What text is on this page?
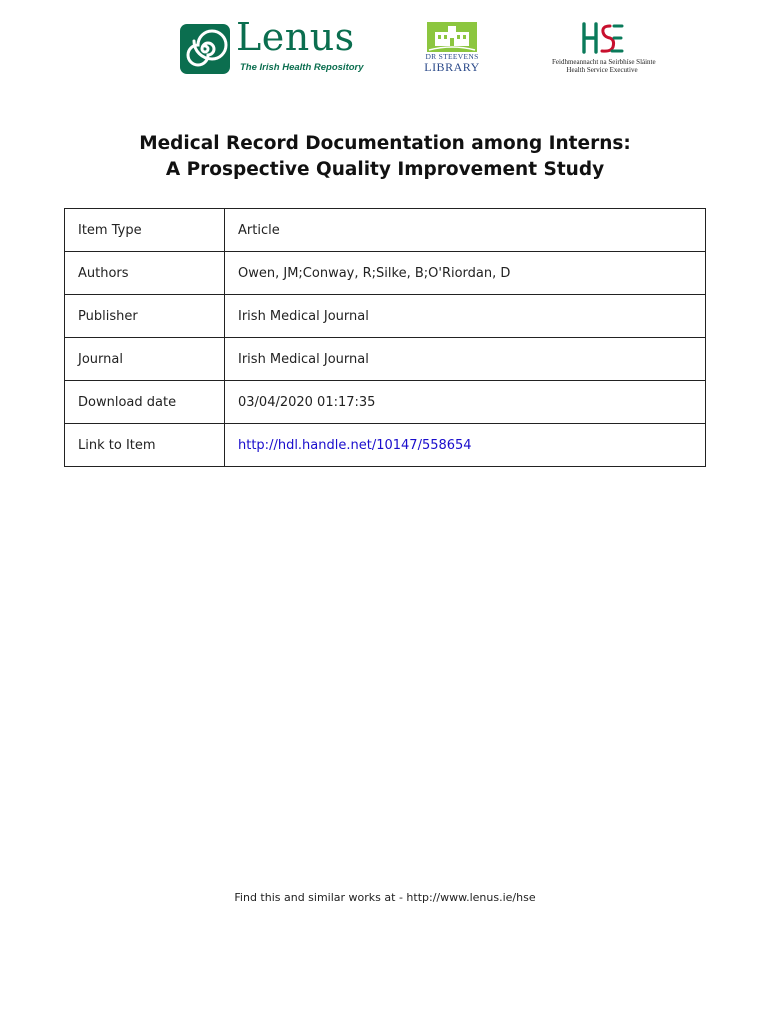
Lenus
The Irish Health Repository
DR STEEVENS
LIBRARY	Feidhmeannacht na Seirbhíse Sláinte
Health Service Executive
Medical Record Documentation among Interns:
A Prospective Quality Improvement Study
Item Type	Article
Authors	Owen, JM;Conway, R;Silke, B;O'Riordan, D
Publisher	Irish Medical Journal
Journal	Irish Medical Journal
Download date	03/04/2020 01:17:35
Link to Item	http://hdl.handle.net/10147/558654
Find this and similar works at - http://www.lenus.ie/hse
